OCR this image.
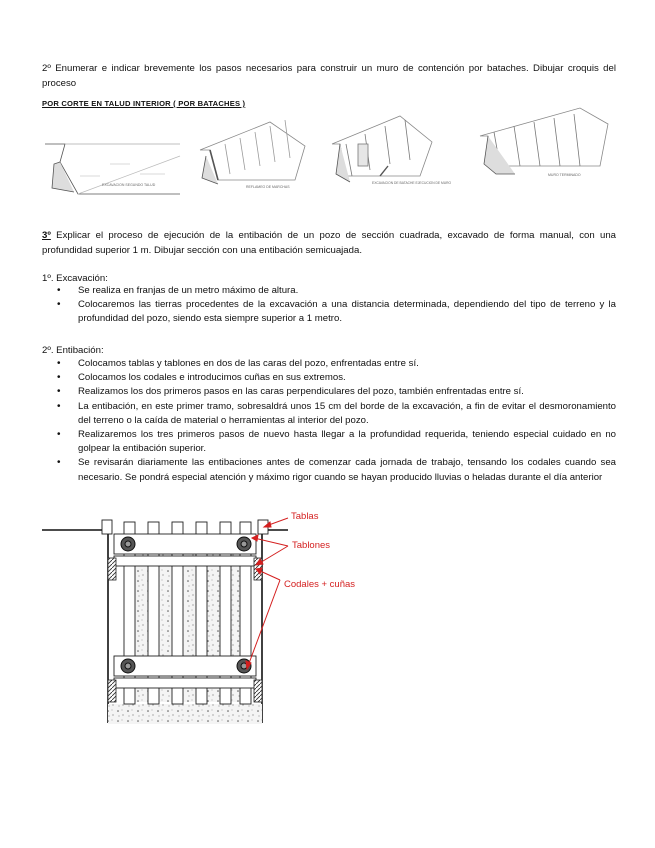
2º Enumerar e indicar brevemente los pasos necesarios para construir un muro de contención por bataches. Dibujar croquis del proceso
POR CORTE EN TALUD INTERIOR ( POR BATACHES )
EXCAVACION SEGUNDO TALUD	REFLAMEO DE MARCHAS
EXCAVACION DE BATACHE EJECUCION DE MURO
MURO TERMINADO
3º Explicar el proceso de ejecución de la entibación de un pozo de sección cuadrada, excavado de forma manual, con una profundidad superior 1 m. Dibujar sección con una entibación semicuajada.
1º. Excavación:
• Se realiza en franjas de un metro máximo de altura.
• Colocaremos las tierras procedentes de la excavación a una distancia determinada, dependiendo del tipo de terreno y la profundidad del pozo, siendo esta siempre superior a 1 metro.
2º. Entibación:
• Colocamos tablas y tablones en dos de las caras del pozo, enfrentadas entre sí.
• Colocamos los codales e introducimos cuñas en sus extremos.
• Realizamos los dos primeros pasos en las caras perpendiculares del pozo, también enfrentadas entre sí.
• La entibación, en este primer tramo, sobresaldrá unos 15 cm del borde de la excavación, a fin de evitar el desmoronamiento del terreno o la caída de material o herramientas al interior del pozo.
• Realizaremos los tres primeros pasos de nuevo hasta llegar a la profundidad requerida, teniendo especial cuidado en no golpear la entibación superior.
• Se revisarán diariamente las entibaciones antes de comenzar cada jornada de trabajo, tensando los codales cuando sea necesario. Se pondrá especial atención y máximo rigor cuando se hayan producido lluvias o heladas durante el día anterior
Tablas
Tablones
Codales + cuñas
